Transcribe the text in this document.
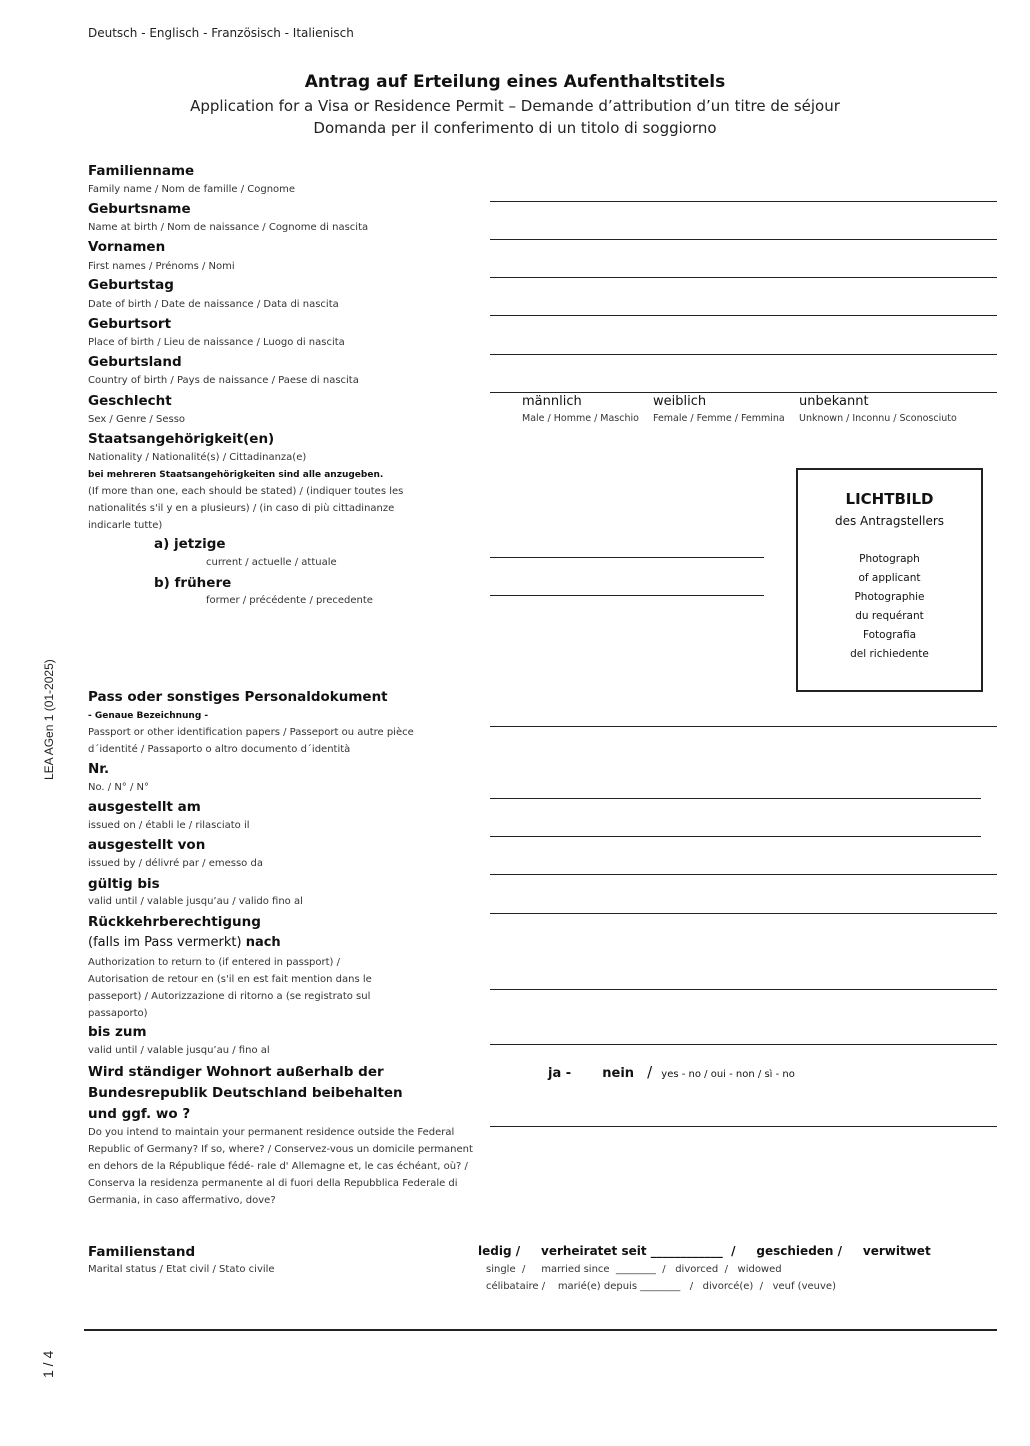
Deutsch - Englisch - Französisch - Italienisch
Antrag auf Erteilung eines Aufenthaltstitels
Application for a Visa or Residence Permit – Demande d’attribution d’un titre de séjour
Domanda per il conferimento di un titolo di soggiorno
Familienname
Family name / Nom de famille / Cognome
Geburtsname
Name at birth / Nom de naissance / Cognome di nascita
Vornamen
First names / Prénoms / Nomi
Geburtstag
Date of birth / Date de naissance / Data di nascita
Geburtsort
Place of birth / Lieu de naissance / Luogo di nascita
Geburtsland
Country of birth / Pays de naissance / Paese di nascita
Geschlecht
Sex / Genre / Sesso
männlich
Male / Homme / Maschio
weiblich
Female / Femme / Femmina
unbekannt
Unknown / Inconnu / Sconosciuto
Staatsangehörigkeit(en)
Nationality / Nationalité(s) / Cittadinanza(e)
bei mehreren Staatsangehörigkeiten sind alle anzugeben.
(If more than one, each should be stated) / (indiquer toutes les nationalités s'il y en a plusieurs) / (in caso di più cittadinanze indicarle tutte)
a) jetzige
current / actuelle / attuale
b) frühere
former / précédente / precedente
LICHTBILD
des Antragstellers
Photograph
of applicant
Photographie
du requérant
Fotografia
del richiedente
Pass oder sonstiges Personaldokument
- Genaue Bezeichnung -
Passport or other identification papers / Passeport ou autre pièce d´identité / Passaporto o altro documento d´identità
Nr.
No. / N° / N°
ausgestellt am
issued on / établi le / rilasciato il
ausgestellt von
issued by / délivré par / emesso da
gültig bis
valid until / valable jusqu’au / valido fino al
Rückkehrberechtigung
(falls im Pass vermerkt) nach
Authorization to return to (if entered in passport) / Autorisation de retour en (s'il en est fait mention dans le passeport) / Autorizzazione di ritorno a (se registrato sul passaporto)
bis zum
valid until / valable jusqu’au / fino al
Wird ständiger Wohnort außerhalb der
Bundesrepublik Deutschland beibehalten
und ggf. wo ?
Do you intend to maintain your permanent residence outside the Federal Republic of Germany? If so, where? / Conservez-vous un domicile permanent en dehors de la République fédé- rale d' Allemagne et, le cas échéant, où? / Conserva la residenza permanente al di fuori della Repubblica Federale di Germania, in caso affermativo, dove?
ja - nein / yes - no / oui - non / sì - no
Familienstand
Marital status / Etat civil / Stato civile
ledig /     verheiratet seit ____________  /     geschieden /     verwitwet
single  /     married since  ________  /   divorced  /   widowed
célibataire /    marié(e) depuis ________   /   divorcé(e)  /   veuf (veuve)
LEA AGen 1 (01-2025)
1 / 4
